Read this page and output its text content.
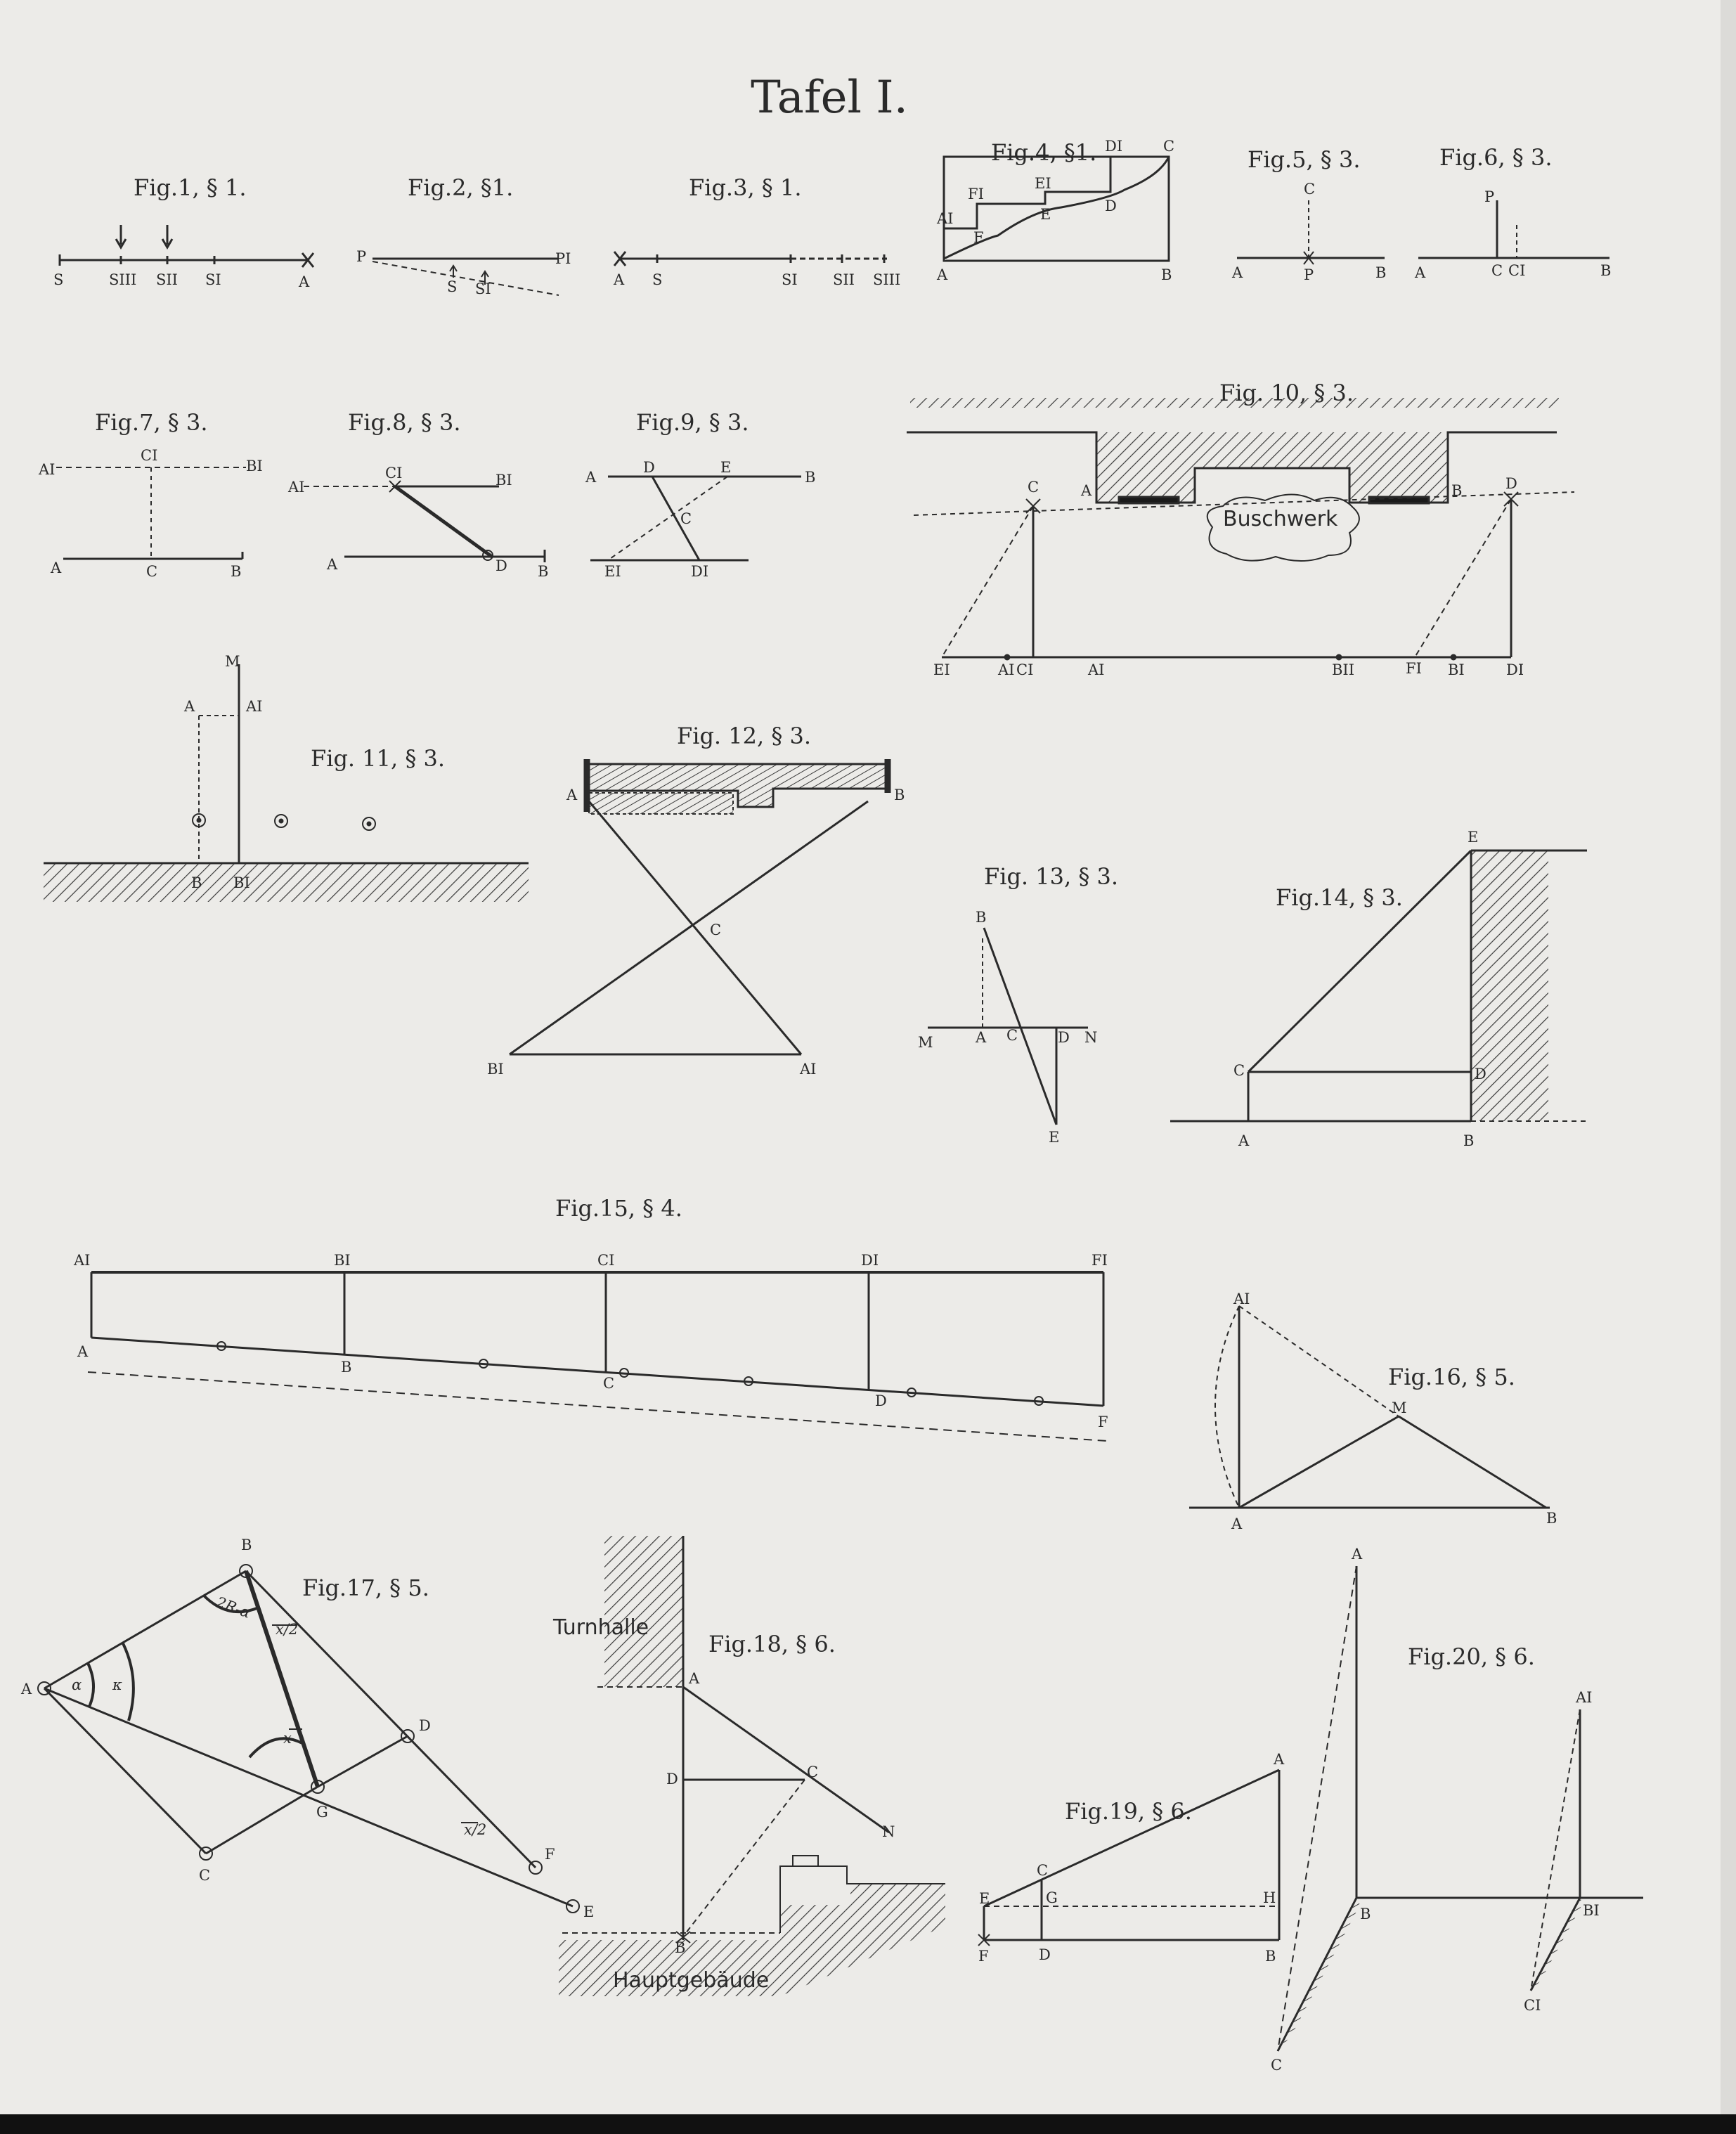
Tafel I.
Fig.1, § 1.	Fig.2, §1.	Fig.3, § 1.
Fig.4, §1.	Fig.5, § 3.	Fig.6, § 3.
Fig.7, § 3.	Fig.8, § 3.	Fig.9, § 3.
Fig. 10, § 3.
Fig. 11, § 3.
Fig. 12, § 3.
Fig. 13, § 3.
Fig.14, § 3.
Fig.15, § 4.
Fig.16, § 5.
Fig.17, § 5.
Fig.18, § 6.
Fig.19, § 6.
Fig.20, § 6.
S	SIII SII SI	A
P	PI
S SI
A S	SI SII SIII A	B
C
DI
D
E
EI
F
FI
AI
A	P	B
C
A
P
C CI	B
AI
CI
BI
A	C	B
AI
CI	BI
A	D B
A
D	E
B
C
EI	DI
Buschwerk
C	A	B	D
EI	AI CI	AI	BII	FI BI	DI
M
A	AI
B BI
A	B
C
BI	AI
B
M	A C	D N
E
E
C	D
A	B
AI	BI	CI	DI	FI
A
B
C
D
F
AI
M
A	B
B
A
C
G
D
F
E
α κ
2R-α
x/2
x
x/2
Turnhalle
Hauptgebäude
A
D	C
N
B
A
C
E	G	H
F	D	B
A
AI
B	BI
C
CI
